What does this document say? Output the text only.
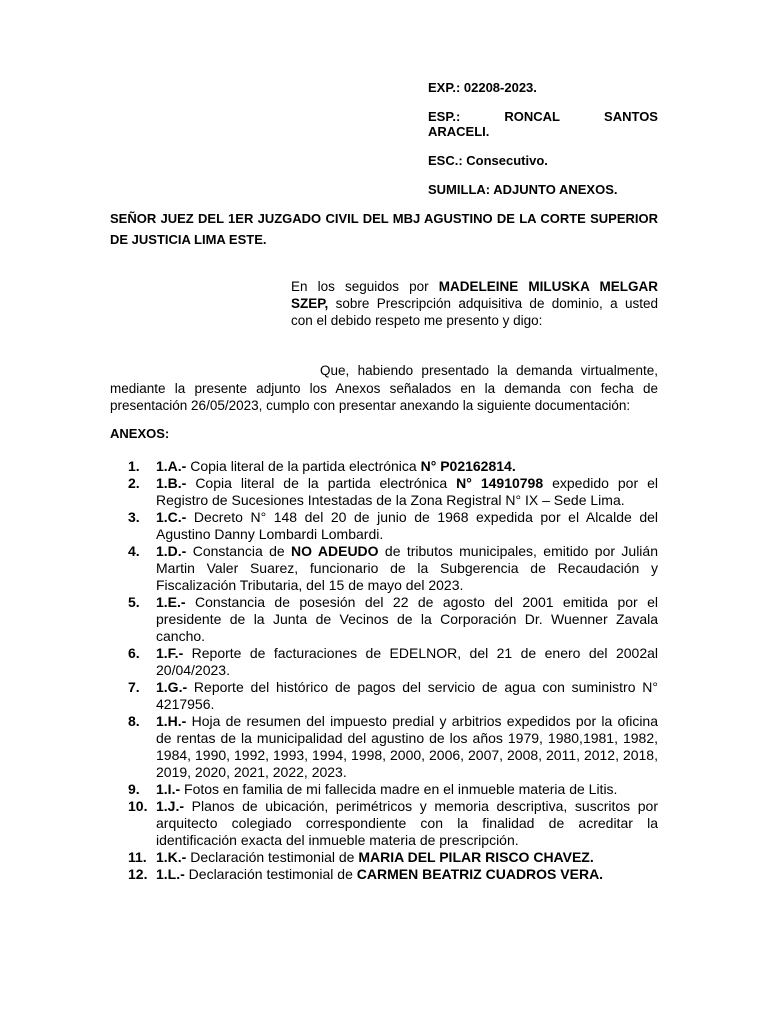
EXP.: 02208-2023.

ESP.:	RONCAL	SANTOS
ARACELI.

ESC.: Consecutivo.

SUMILLA: ADJUNTO ANEXOS.

SEÑOR JUEZ DEL 1ER JUZGADO CIVIL DEL MBJ AGUSTINO DE LA CORTE SUPERIOR DE JUSTICIA LIMA ESTE.
En los seguidos por MADELEINE MILUSKA MELGAR SZEP, sobre Prescripción adquisitiva de dominio, a usted con el debido respeto me presento y digo:
Que, habiendo presentado la demanda virtualmente, mediante la presente adjunto los Anexos señalados en la demanda con fecha de presentación 26/05/2023, cumplo con presentar anexando la siguiente documentación:
ANEXOS:
1.	1.A.- Copia literal de la partida electrónica N° P02162814.
2.	1.B.- Copia literal de la partida electrónica N° 14910798 expedido por el Registro de Sucesiones Intestadas de la Zona Registral N° IX – Sede Lima.
3.	1.C.- Decreto N° 148 del 20 de junio de 1968 expedida por el Alcalde del Agustino Danny Lombardi Lombardi.
4.	1.D.- Constancia de NO ADEUDO de tributos municipales, emitido por Julián Martin Valer Suarez, funcionario de la Subgerencia de Recaudación y Fiscalización Tributaria, del 15 de mayo del 2023.
5.	1.E.- Constancia de posesión del 22 de agosto del 2001 emitida por el presidente de la Junta de Vecinos de la Corporación Dr. Wuenner Zavala cancho.
6.	1.F.- Reporte de facturaciones de EDELNOR, del 21 de enero del 2002al 20/04/2023.
7.	1.G.- Reporte del histórico de pagos del servicio de agua con suministro N° 4217956.
8.	1.H.- Hoja de resumen del impuesto predial y arbitrios expedidos por la oficina de rentas de la municipalidad del agustino de los años 1979, 1980,1981, 1982, 1984, 1990, 1992, 1993, 1994, 1998, 2000, 2006, 2007, 2008, 2011, 2012, 2018, 2019, 2020, 2021, 2022, 2023.
9.	1.I.- Fotos en familia de mi fallecida madre en el inmueble materia de Litis.
10. 1.J.- Planos de ubicación, perimétricos y memoria descriptiva, suscritos por arquitecto colegiado correspondiente con la finalidad de acreditar la identificación exacta del inmueble materia de prescripción.
11. 1.K.- Declaración testimonial de MARIA DEL PILAR RISCO CHAVEZ.
12. 1.L.- Declaración testimonial de CARMEN BEATRIZ CUADROS VERA.
